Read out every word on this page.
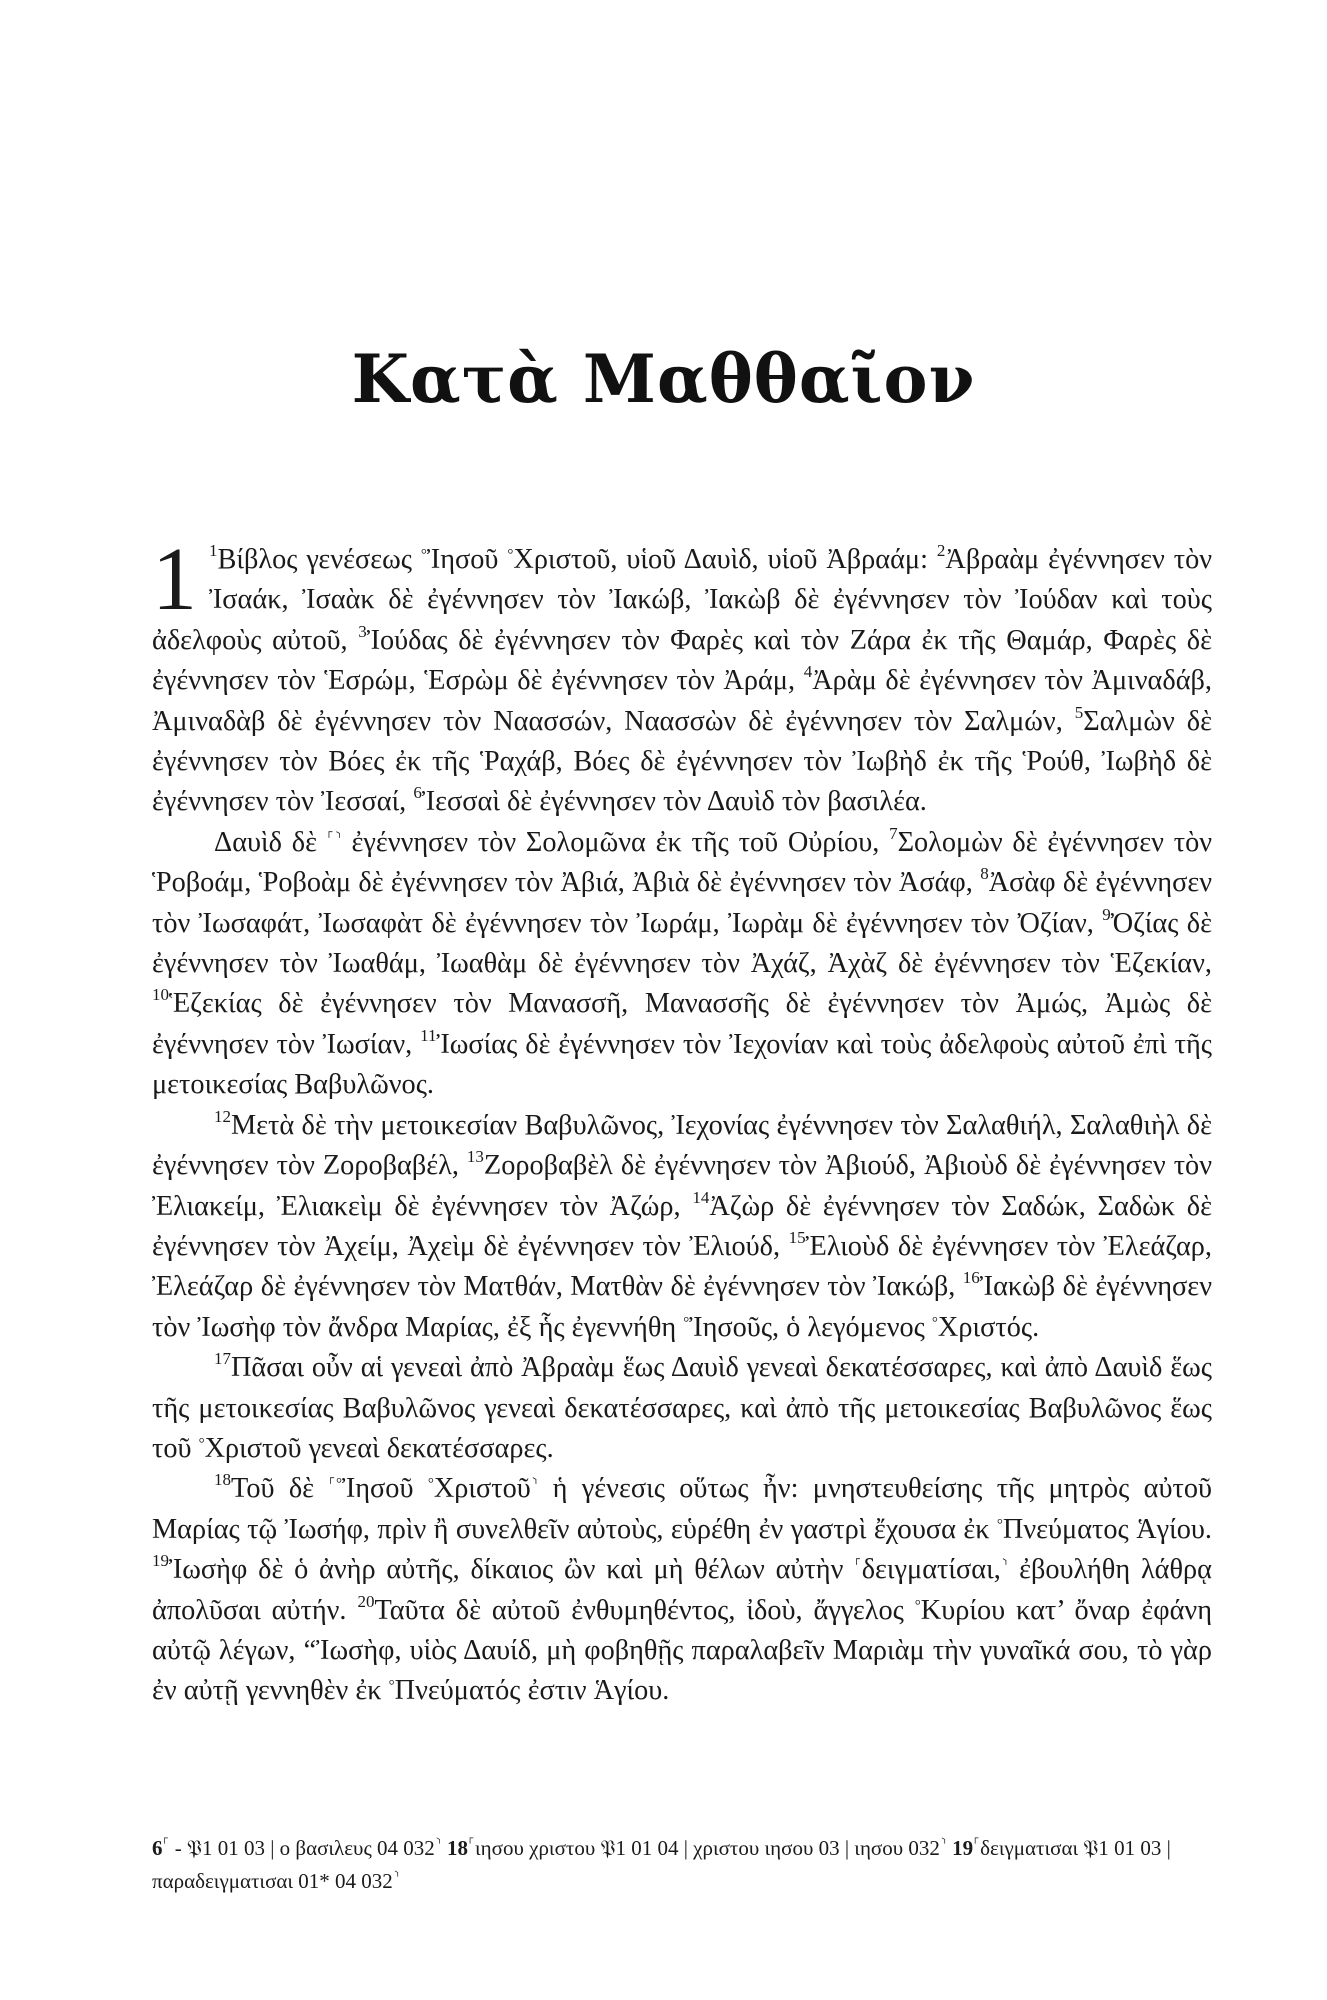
Κατὰ Μαθθαῖον

1 $^1$Βίβλος γενέσεως °Ἰησοῦ °Χριστοῦ, υἱοῦ Δαυὶδ, υἱοῦ Ἀβραάμ: $^2$Ἀβραὰμ ἐγέννησεν τὸν Ἰσαάκ, Ἰσαὰκ δὲ ἐγέννησεν τὸν Ἰακώβ, Ἰακὼβ δὲ ἐγέννησεν τὸν Ἰούδαν καὶ τοὺς ἀδελφοὺς αὐτοῦ, $^3$Ἰούδας δὲ ἐγέννησεν τὸν Φαρὲς καὶ τὸν Ζάρα ἐκ τῆς Θαμάρ, Φαρὲς δὲ ἐγέννησεν τὸν Ἑσρώμ, Ἑσρὼμ δὲ ἐγέννησεν τὸν Ἀράμ, $^4$Ἀρὰμ δὲ ἐγέννησεν τὸν Ἀμιναδάβ, Ἀμιναδὰβ δὲ ἐγέννησεν τὸν Ναασσών, Ναασσὼν δὲ ἐγέννησεν τὸν Σαλμών, $^5$Σαλμὼν δὲ ἐγέννησεν τὸν Βόες ἐκ τῆς Ῥαχάβ, Βόες δὲ ἐγέννησεν τὸν Ἰωβὴδ ἐκ τῆς Ῥούθ, Ἰωβὴδ δὲ ἐγέννησεν τὸν Ἰεσσαί, $^6$Ἰεσσαὶ δὲ ἐγέννησεν τὸν Δαυὶδ τὸν βασιλέα.

Δαυὶδ δὲ ⸀⸃ ἐγέννησεν τὸν Σολομῶνα ἐκ τῆς τοῦ Οὐρίου, $^7$Σολομὼν δὲ ἐγέννησεν τὸν Ῥοβοάμ, Ῥοβοὰμ δὲ ἐγέννησεν τὸν Ἀβιά, Ἀβιὰ δὲ ἐγέννησεν τὸν Ἀσάφ, $^8$Ἀσὰφ δὲ ἐγέννησεν τὸν Ἰωσαφάτ, Ἰωσαφὰτ δὲ ἐγέννησεν τὸν Ἰωράμ, Ἰωρὰμ δὲ ἐγέννησεν τὸν Ὀζίαν, $^9$Ὀζίας δὲ ἐγέννησεν τὸν Ἰωαθάμ, Ἰωαθὰμ δὲ ἐγέννησεν τὸν Ἀχάζ, Ἀχὰζ δὲ ἐγέννησεν τὸν Ἑζεκίαν, $^{10}$Ἑζεκίας δὲ ἐγέννησεν τὸν Μανασσῆ, Μανασσῆς δὲ ἐγέννησεν τὸν Ἀμώς, Ἀμὼς δὲ ἐγέννησεν τὸν Ἰωσίαν, $^{11}$Ἰωσίας δὲ ἐγέννησεν τὸν Ἰεχονίαν καὶ τοὺς ἀδελφοὺς αὐτοῦ ἐπὶ τῆς μετοικεσίας Βαβυλῶνος.

$^{12}$Μετὰ δὲ τὴν μετοικεσίαν Βαβυλῶνος, Ἰεχονίας ἐγέννησεν τὸν Σαλαθιήλ, Σαλαθιὴλ δὲ ἐγέννησεν τὸν Ζοροβαβέλ, $^{13}$Ζοροβαβὲλ δὲ ἐγέννησεν τὸν Ἀβιούδ, Ἀβιοὺδ δὲ ἐγέννησεν τὸν Ἐλιακείμ, Ἐλιακεὶμ δὲ ἐγέννησεν τὸν Ἀζώρ, $^{14}$Ἀζὼρ δὲ ἐγέννησεν τὸν Σαδώκ, Σαδὼκ δὲ ἐγέννησεν τὸν Ἀχείμ, Ἀχεὶμ δὲ ἐγέννησεν τὸν Ἐλιούδ, $^{15}$Ἐλιοὺδ δὲ ἐγέννησεν τὸν Ἐλεάζαρ, Ἐλεάζαρ δὲ ἐγέννησεν τὸν Ματθάν, Ματθὰν δὲ ἐγέννησεν τὸν Ἰακώβ, $^{16}$Ἰακὼβ δὲ ἐγέννησεν τὸν Ἰωσὴφ τὸν ἄνδρα Μαρίας, ἐξ ἧς ἐγεννήθη °Ἰησοῦς, ὁ λεγόμενος °Χριστός.

$^{17}$Πᾶσαι οὖν αἱ γενεαὶ ἀπὸ Ἀβραὰμ ἕως Δαυὶδ γενεαὶ δεκατέσσαρες, καὶ ἀπὸ Δαυὶδ ἕως τῆς μετοικεσίας Βαβυλῶνος γενεαὶ δεκατέσσαρες, καὶ ἀπὸ τῆς μετοικεσίας Βαβυλῶνος ἕως τοῦ °Χριστοῦ γενεαὶ δεκατέσσαρες.

$^{18}$Τοῦ δὲ ⸀°Ἰησοῦ °Χριστοῦ⸃ ἡ γένεσις οὕτως ἦν: μνηστευθείσης τῆς μητρὸς αὐτοῦ Μαρίας τῷ Ἰωσήφ, πρὶν ἢ συνελθεῖν αὐτοὺς, εὑρέθη ἐν γαστρὶ ἔχουσα ἐκ °Πνεύματος Ἁγίου. $^{19}$Ἰωσὴφ δὲ ὁ ἀνὴρ αὐτῆς, δίκαιος ὢν καὶ μὴ θέλων αὐτὴν ⸀δειγματίσαι,⸃ ἐβουλήθη λάθρᾳ ἀπολῦσαι αὐτήν. $^{20}$Ταῦτα δὲ αὐτοῦ ἐνθυμηθέντος, ἰδοὺ, ἄγγελος °Κυρίου κατ’ ὄναρ ἐφάνη αὐτῷ λέγων, “Ἰωσὴφ, υἱὸς Δαυίδ, μὴ φοβηθῇς παραλαβεῖν Μαριὰμ τὴν γυναῖκά σου, τὸ γὰρ ἐν αὐτῇ γεννηθὲν ἐκ °Πνεύματός ἐστιν Ἁγίου.

6⸀ - 𝔓1 01 03 | ο βασιλευς 04 032⸃ 18⸀ιησου χριστου 𝔓1 01 04 | χριστου ιησου 03 | ιησου 032⸃ 19⸀δειγματισαι 𝔓1 01 03 | παραδειγματισαι 01* 04 032⸃
